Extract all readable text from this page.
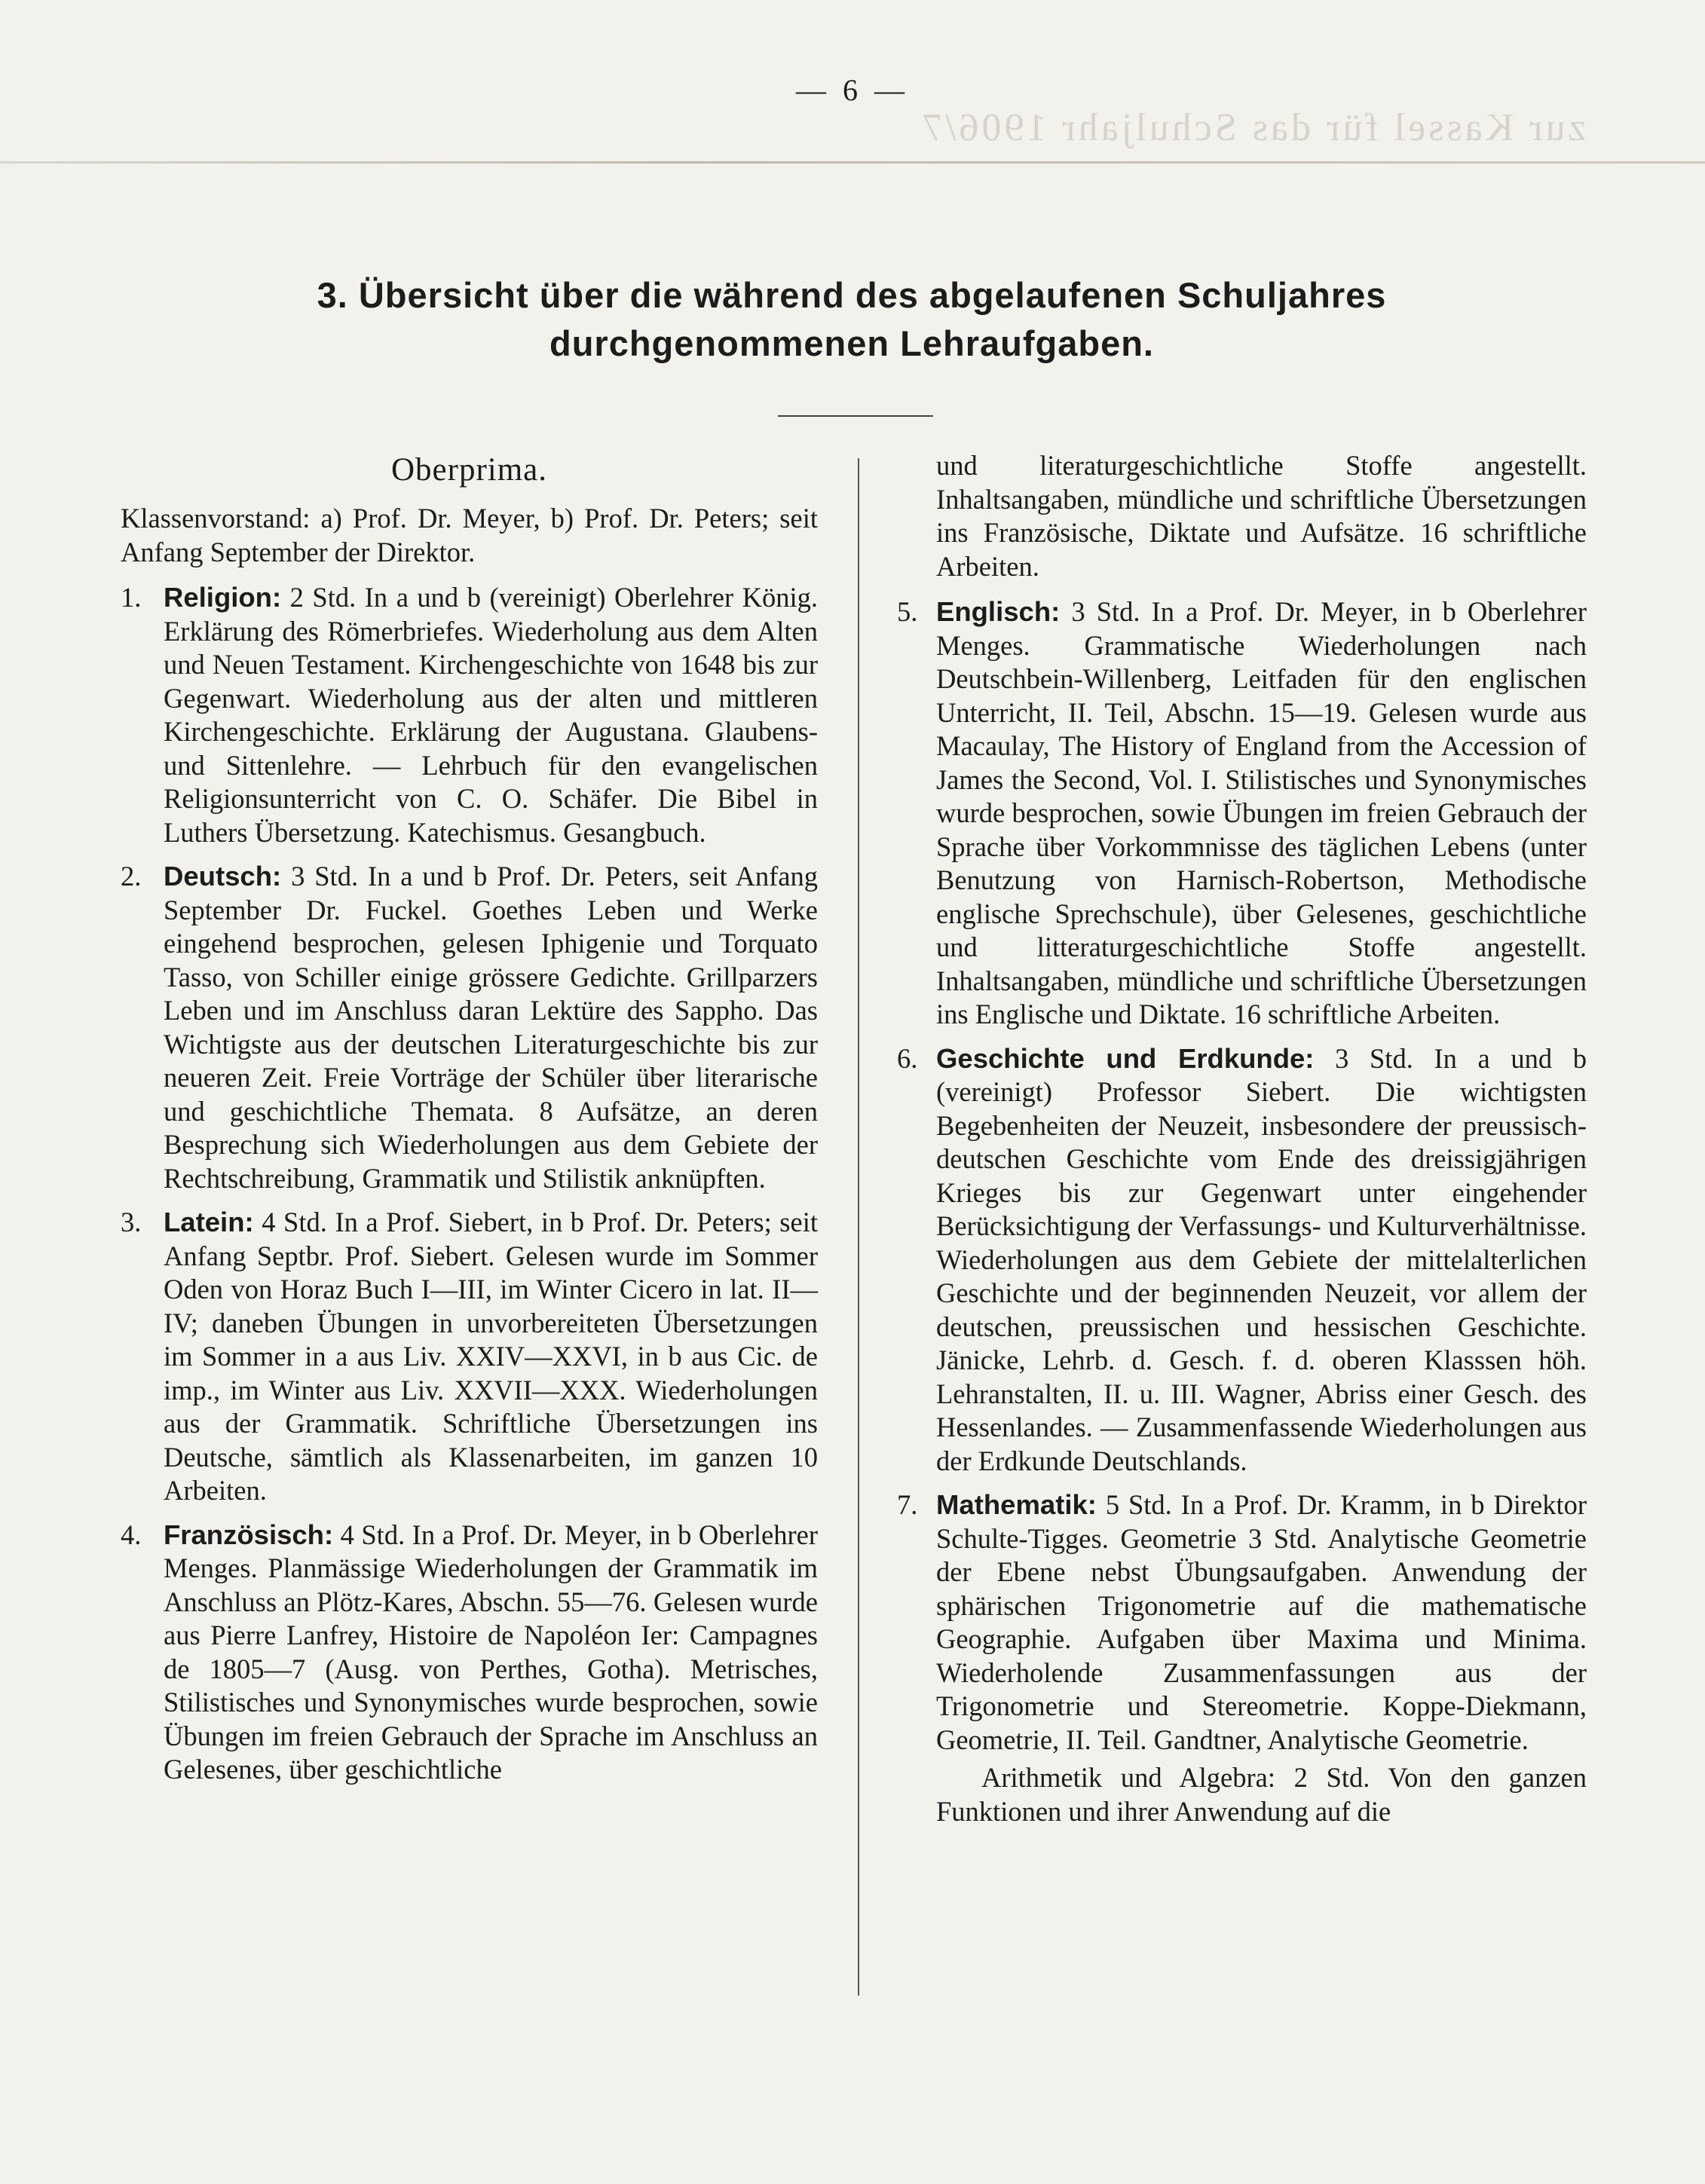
zur Kassel für das Schuljahr 1906/7
— 6 —
3. Übersicht über die während des abgelaufenen Schuljahres
durchgenommenen Lehraufgaben.
Oberprima.

Klassenvorstand: a) Prof. Dr. Meyer, b) Prof. Dr. Peters; seit Anfang September der Direktor.

1. Religion: 2 Std. In a und b (vereinigt) Oberlehrer König. Erklärung des Römerbriefes. Wiederholung aus dem Alten und Neuen Testament. Kirchengeschichte von 1648 bis zur Gegenwart. Wiederholung aus der alten und mittleren Kirchengeschichte. Erklärung der Augustana. Glaubens- und Sittenlehre. — Lehrbuch für den evangelischen Religionsunterricht von C. O. Schäfer. Die Bibel in Luthers Übersetzung. Katechismus. Gesangbuch.
2. Deutsch: 3 Std. In a und b Prof. Dr. Peters, seit Anfang September Dr. Fuckel. Goethes Leben und Werke eingehend besprochen, gelesen Iphigenie und Torquato Tasso, von Schiller einige grössere Gedichte. Grillparzers Leben und im Anschluss daran Lektüre des Sappho. Das Wichtigste aus der deutschen Literaturgeschichte bis zur neueren Zeit. Freie Vorträge der Schüler über literarische und geschichtliche Themata. 8 Aufsätze, an deren Besprechung sich Wiederholungen aus dem Gebiete der Rechtschreibung, Grammatik und Stilistik anknüpften.
3. Latein: 4 Std. In a Prof. Siebert, in b Prof. Dr. Peters; seit Anfang Septbr. Prof. Siebert. Gelesen wurde im Sommer Oden von Horaz Buch I—III, im Winter Cicero in lat. II—IV; daneben Übungen in unvorbereiteten Übersetzungen im Sommer in a aus Liv. XXIV—XXVI, in b aus Cic. de imp., im Winter aus Liv. XXVII—XXX. Wiederholungen aus der Grammatik. Schriftliche Übersetzungen ins Deutsche, sämtlich als Klassenarbeiten, im ganzen 10 Arbeiten.
4. Französisch: 4 Std. In a Prof. Dr. Meyer, in b Oberlehrer Menges. Planmässige Wiederholungen der Grammatik im Anschluss an Plötz-Kares, Abschn. 55—76. Gelesen wurde aus Pierre Lanfrey, Histoire de Napoléon Ier: Campagnes de 1805—7 (Ausg. von Perthes, Gotha). Metrisches, Stilistisches und Synonymisches wurde besprochen, sowie Übungen im freien Gebrauch der Sprache im Anschluss an Gelesenes, über geschichtliche

und literaturgeschichtliche Stoffe angestellt. Inhaltsangaben, mündliche und schriftliche Übersetzungen ins Französische, Diktate und Aufsätze. 16 schriftliche Arbeiten.

5. Englisch: 3 Std. In a Prof. Dr. Meyer, in b Oberlehrer Menges. Grammatische Wiederholungen nach Deutschbein-Willenberg, Leitfaden für den englischen Unterricht, II. Teil, Abschn. 15—19. Gelesen wurde aus Macaulay, The History of England from the Accession of James the Second, Vol. I. Stilistisches und Synonymisches wurde besprochen, sowie Übungen im freien Gebrauch der Sprache über Vorkommnisse des täglichen Lebens (unter Benutzung von Harnisch-Robertson, Methodische englische Sprechschule), über Gelesenes, geschichtliche und litteraturgeschichtliche Stoffe angestellt. Inhaltsangaben, mündliche und schriftliche Übersetzungen ins Englische und Diktate. 16 schriftliche Arbeiten.
6. Geschichte und Erdkunde: 3 Std. In a und b (vereinigt) Professor Siebert. Die wichtigsten Begebenheiten der Neuzeit, insbesondere der preussisch-deutschen Geschichte vom Ende des dreissigjährigen Krieges bis zur Gegenwart unter eingehender Berücksichtigung der Verfassungs- und Kulturverhältnisse. Wiederholungen aus dem Gebiete der mittelalterlichen Geschichte und der beginnenden Neuzeit, vor allem der deutschen, preussischen und hessischen Geschichte. Jänicke, Lehrb. d. Gesch. f. d. oberen Klasssen höh. Lehranstalten, II. u. III. Wagner, Abriss einer Gesch. des Hessenlandes. — Zusammenfassende Wiederholungen aus der Erdkunde Deutschlands.
7. Mathematik: 5 Std. In a Prof. Dr. Kramm, in b Direktor Schulte-Tigges. Geometrie 3 Std. Analytische Geometrie der Ebene nebst Übungsaufgaben. Anwendung der sphärischen Trigonometrie auf die mathematische Geographie. Aufgaben über Maxima und Minima. Wiederholende Zusammenfassungen aus der Trigonometrie und Stereometrie. Koppe-Diekmann, Geometrie, II. Teil. Gandtner, Analytische Geometrie.

Arithmetik und Algebra: 2 Std. Von den ganzen Funktionen und ihrer Anwendung auf die
